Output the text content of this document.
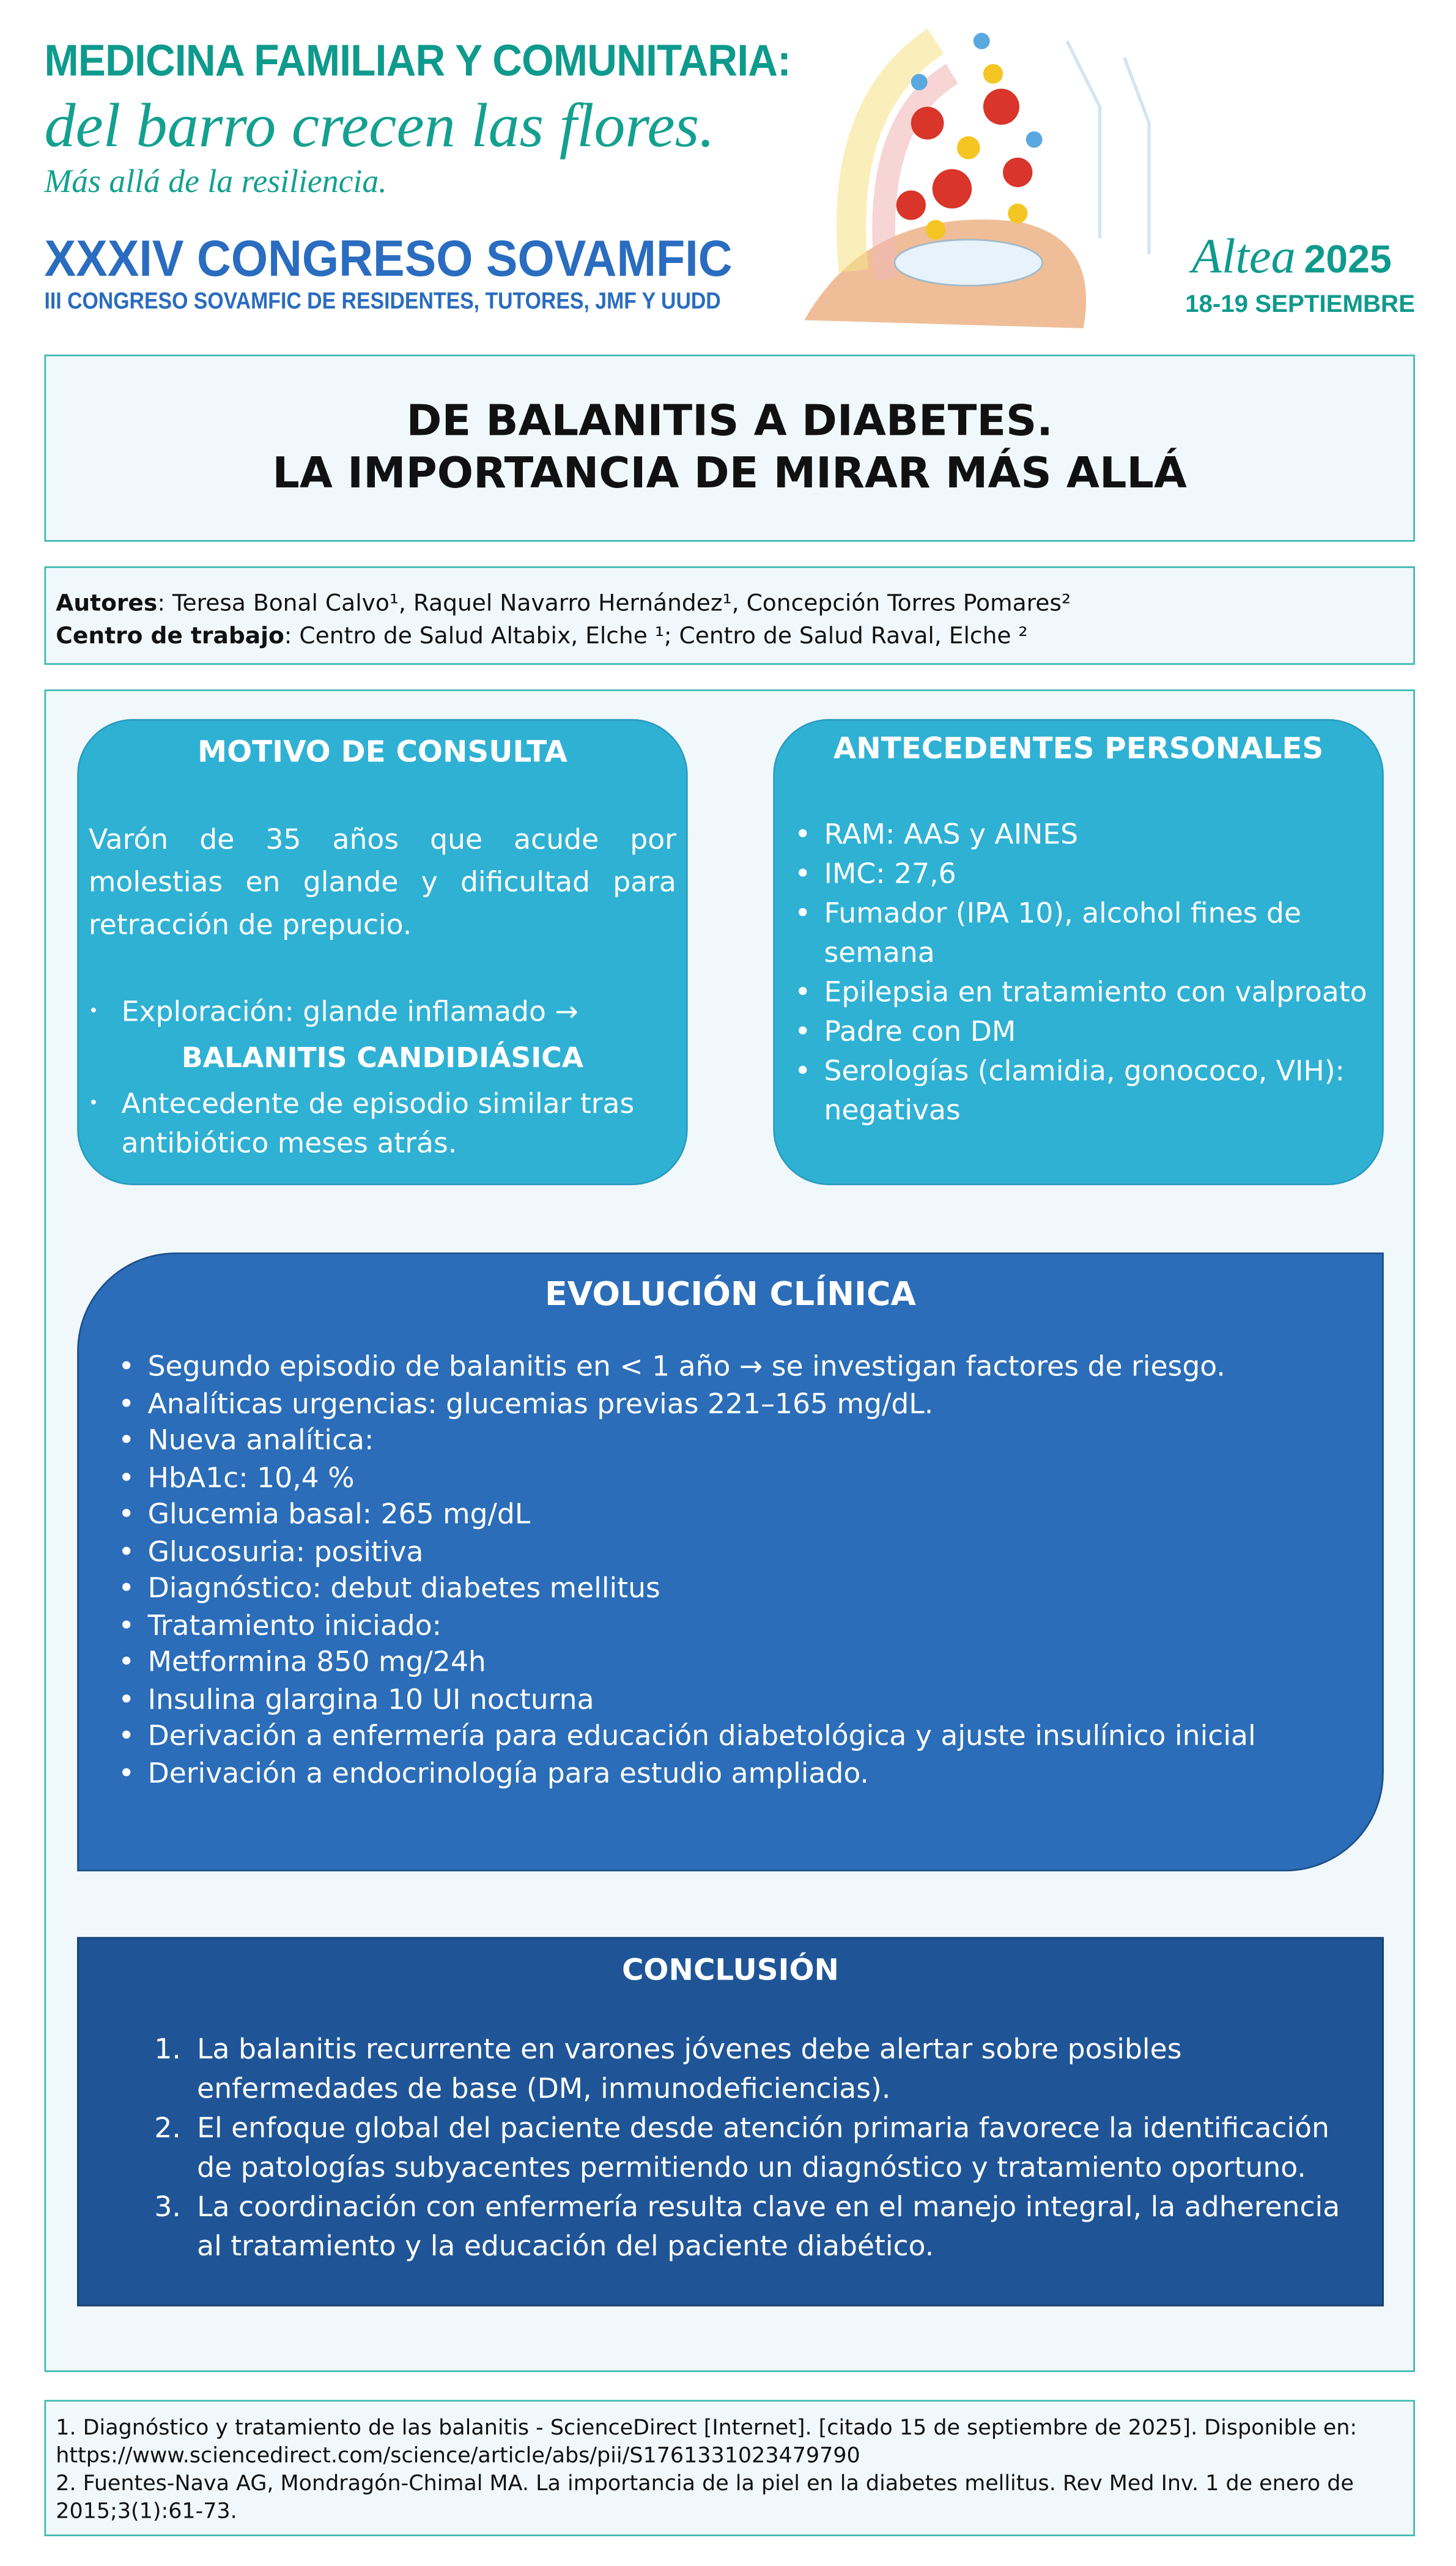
MEDICINA FAMILIAR Y COMUNITARIA:
del barro crecen las flores.
Más allá de la resiliencia.
XXXIV CONGRESO SOVAMFIC
III CONGRESO SOVAMFIC DE RESIDENTES, TUTORES, JMF Y UUDD
Altea 2025
18-19 SEPTIEMBRE
DE BALANITIS A DIABETES.
LA IMPORTANCIA DE MIRAR MÁS ALLÁ
Autores: Teresa Bonal Calvo¹, Raquel Navarro Hernández¹, Concepción Torres Pomares²
Centro de trabajo: Centro de Salud Altabix, Elche ¹; Centro de Salud Raval, Elche ²
MOTIVO DE CONSULTA

Varón de 35 años que acude por molestias en glande y dificultad para retracción de prepucio.

• Exploración: glande inflamado →
BALANITIS CANDIDIÁSICA
• Antecedente de episodio similar tras antibiótico meses atrás.
ANTECEDENTES PERSONALES
• RAM: AAS y AINES
• IMC: 27,6
• Fumador (IPA 10), alcohol fines de semana
• Epilepsia en tratamiento con valproato
• Padre con DM
• Serologías (clamidia, gonococo, VIH): negativas
EVOLUCIÓN CLÍNICA
• Segundo episodio de balanitis en < 1 año → se investigan factores de riesgo.
• Analíticas urgencias: glucemias previas 221–165 mg/dL.
• Nueva analítica:
• HbA1c: 10,4 %
• Glucemia basal: 265 mg/dL
• Glucosuria: positiva
• Diagnóstico: debut diabetes mellitus
• Tratamiento iniciado:
• Metformina 850 mg/24h
• Insulina glargina 10 UI nocturna
• Derivación a enfermería para educación diabetológica y ajuste insulínico inicial
• Derivación a endocrinología para estudio ampliado.
CONCLUSIÓN
1. La balanitis recurrente en varones jóvenes debe alertar sobre posibles enfermedades de base (DM, inmunodeficiencias).
2. El enfoque global del paciente desde atención primaria favorece la identificación de patologías subyacentes permitiendo un diagnóstico y tratamiento oportuno.
3. La coordinación con enfermería resulta clave en el manejo integral, la adherencia al tratamiento y la educación del paciente diabético.
1. Diagnóstico y tratamiento de las balanitis - ScienceDirect [Internet]. [citado 15 de septiembre de 2025]. Disponible en: https://www.sciencedirect.com/science/article/abs/pii/S1761331023479790
2. Fuentes-Nava AG, Mondragón-Chimal MA. La importancia de la piel en la diabetes mellitus. Rev Med Inv. 1 de enero de 2015;3(1):61-73.
